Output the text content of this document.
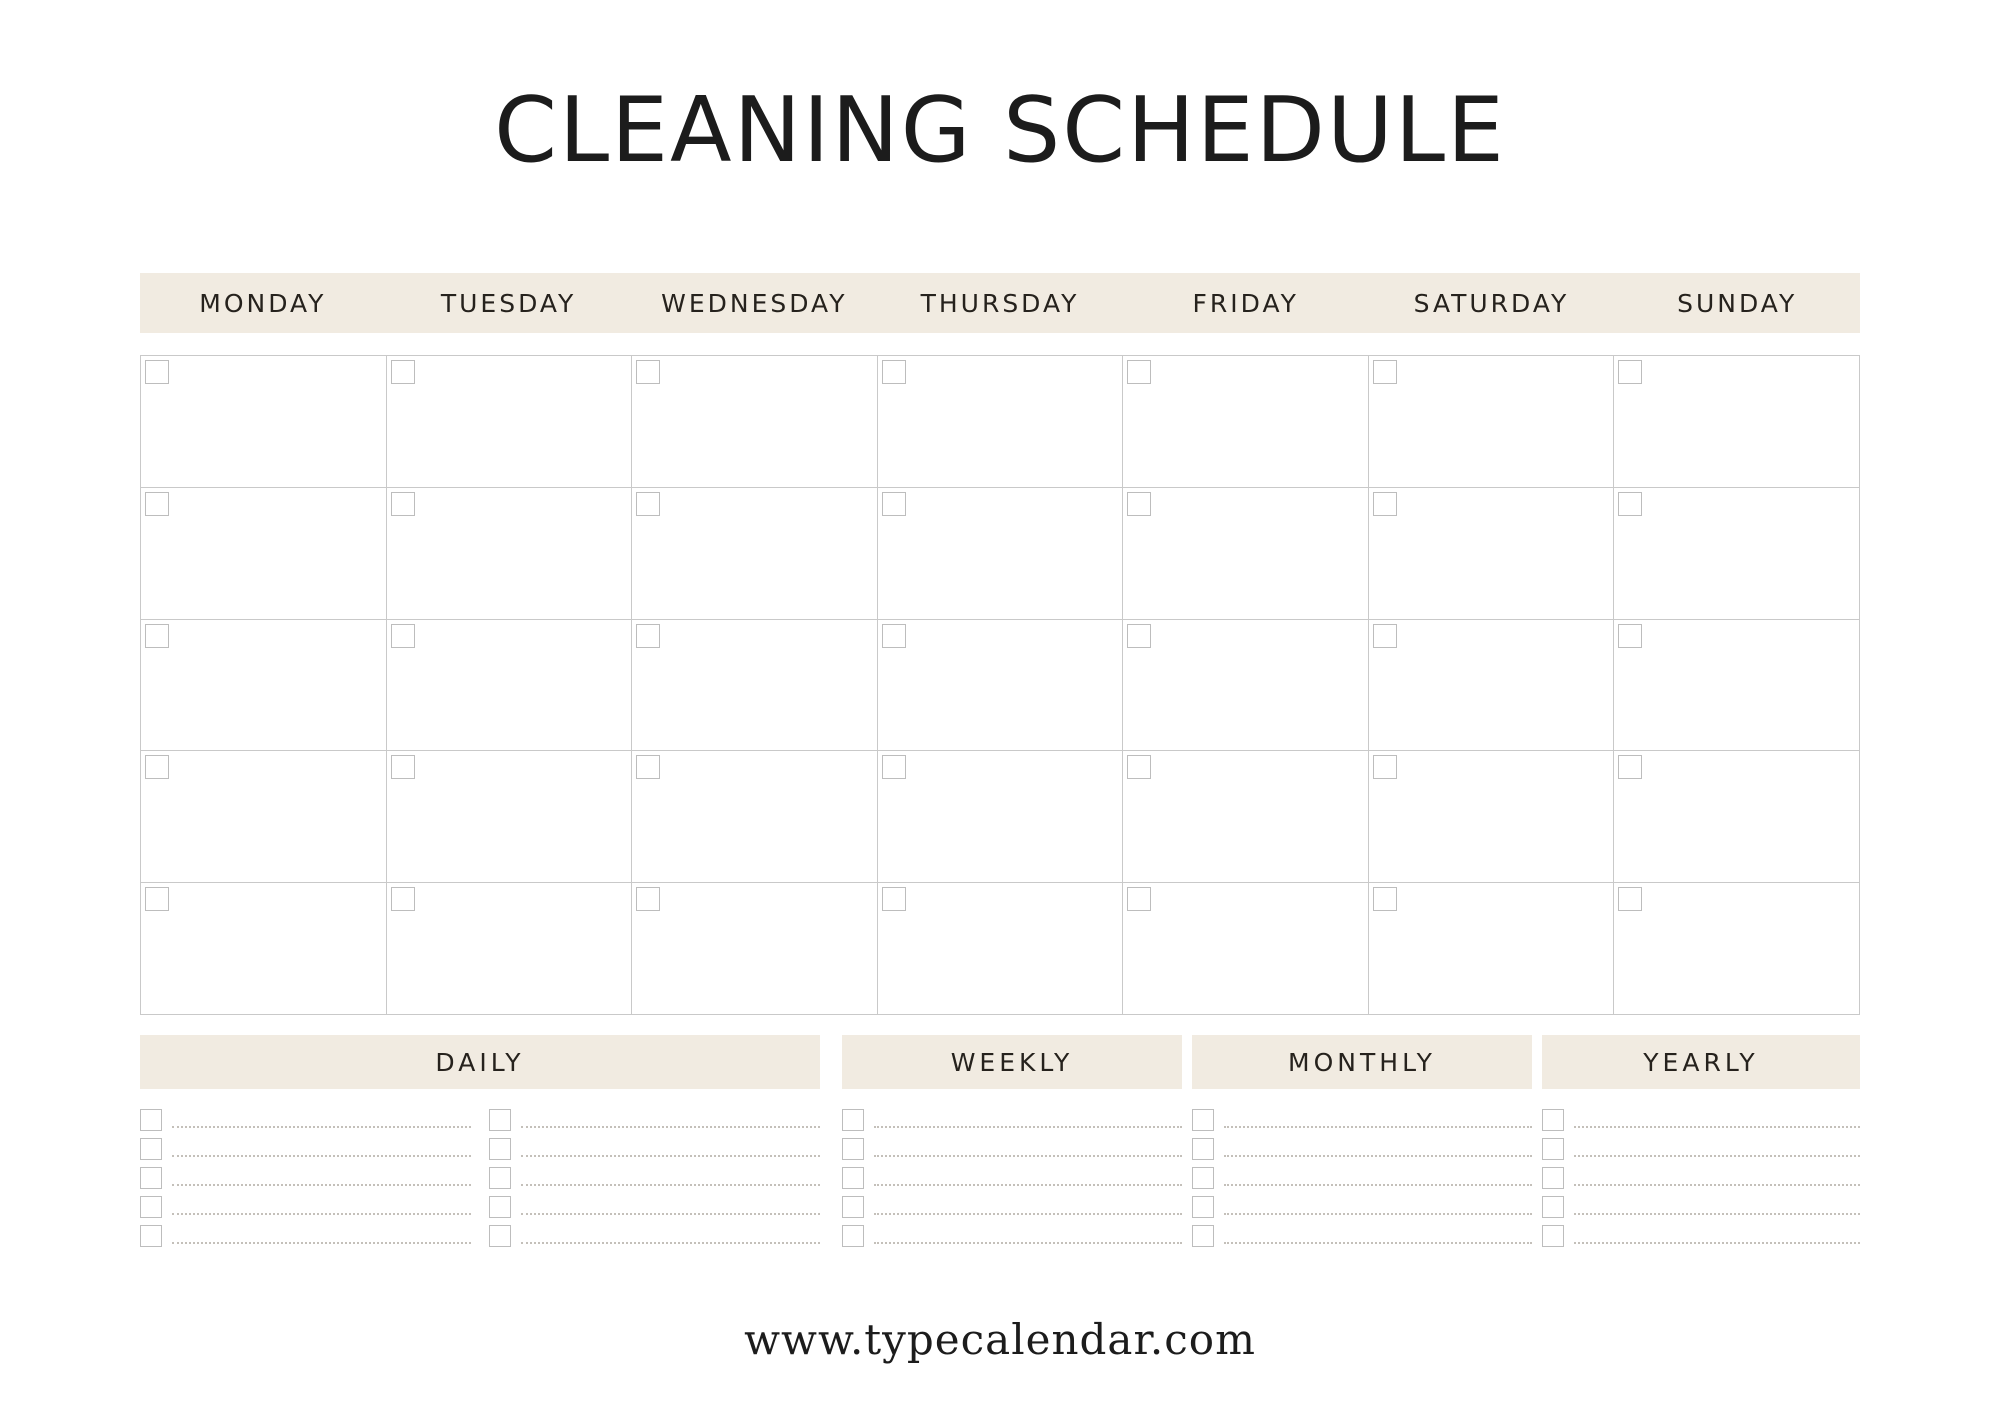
CLEANING SCHEDULE
MONDAY	TUESDAY	WEDNESDAY	THURSDAY	FRIDAY	SATURDAY	SUNDAY
DAILY	WEEKLY	MONTHLY	YEARLY
www.typecalendar.com
